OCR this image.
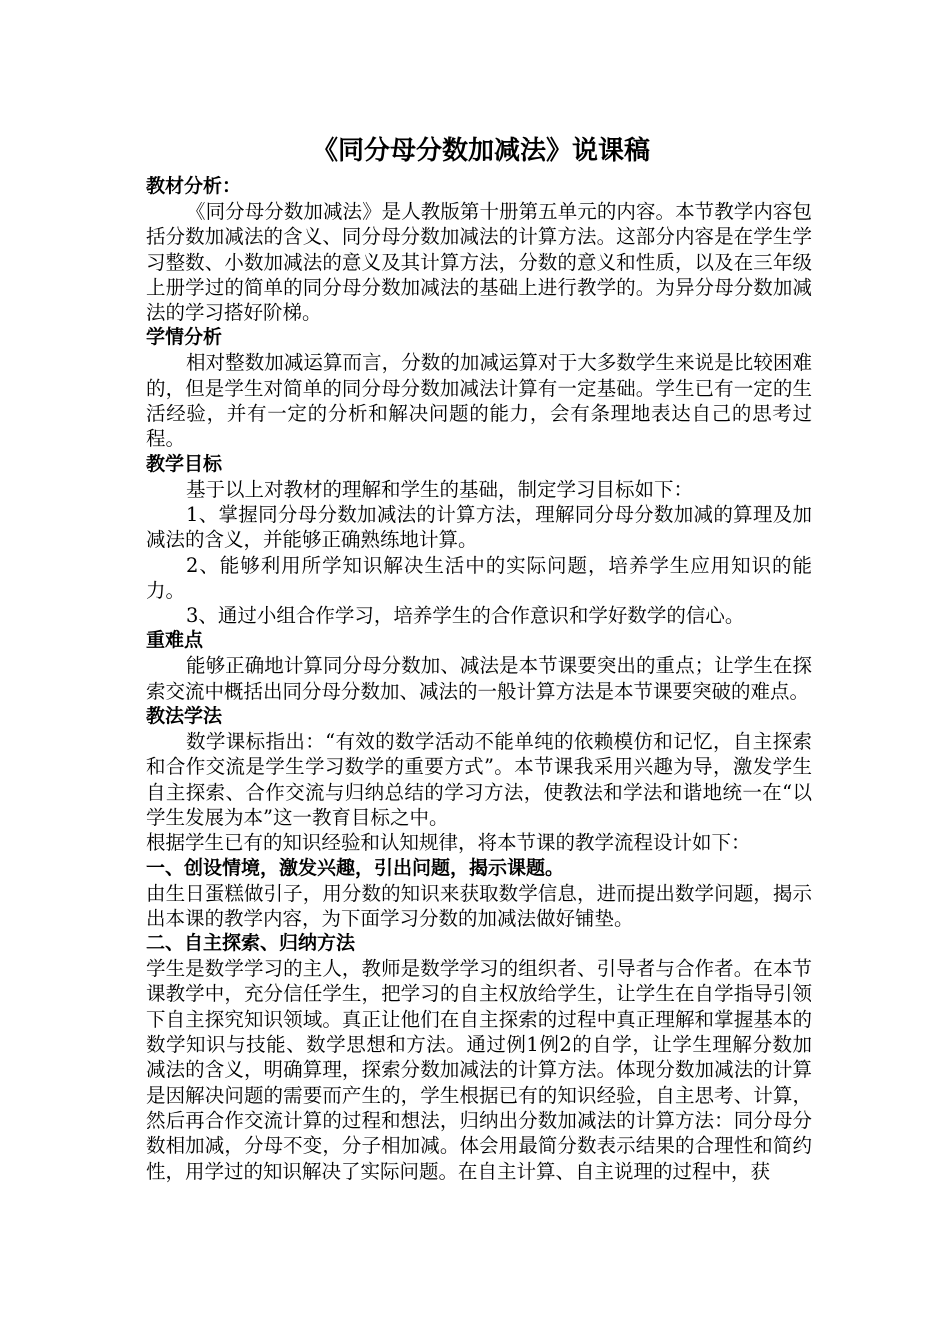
《同分母分数加减法》说课稿
教材分析：

《同分母分数加减法》是人教版第十册第五单元的内容。本节教学内容包括分数加减法的含义、同分母分数加减法的计算方法。这部分内容是在学生学习整数、小数加减法的意义及其计算方法，分数的意义和性质，以及在三年级上册学过的简单的同分母分数加减法的基础上进行教学的。为异分母分数加减法的学习搭好阶梯。

学情分析

相对整数加减运算而言，分数的加减运算对于大多数学生来说是比较困难的，但是学生对简单的同分母分数加减法计算有一定基础。学生已有一定的生活经验，并有一定的分析和解决问题的能力，会有条理地表达自己的思考过程。

教学目标

基于以上对教材的理解和学生的基础，制定学习目标如下：

1、掌握同分母分数加减法的计算方法，理解同分母分数加减的算理及加减法的含义，并能够正确熟练地计算。

2、能够利用所学知识解决生活中的实际问题，培养学生应用知识的能力。

3、通过小组合作学习，培养学生的合作意识和学好数学的信心。

重难点

能够正确地计算同分母分数加、减法是本节课要突出的重点；让学生在探索交流中概括出同分母分数加、减法的一般计算方法是本节课要突破的难点。

教法学法

数学课标指出：“有效的数学活动不能单纯的依赖模仿和记忆，自主探索和合作交流是学生学习数学的重要方式”。本节课我采用兴趣为导，激发学生自主探索、合作交流与归纳总结的学习方法，使教法和学法和谐地统一在“以学生发展为本”这一教育目标之中。

根据学生已有的知识经验和认知规律，将本节课的教学流程设计如下：

一、创设情境，激发兴趣，引出问题，揭示课题。

由生日蛋糕做引子，用分数的知识来获取数学信息，进而提出数学问题，揭示出本课的教学内容，为下面学习分数的加减法做好铺垫。

二、自主探索、归纳方法

学生是数学学习的主人，教师是数学学习的组织者、引导者与合作者。在本节课教学中，充分信任学生，把学习的自主权放给学生，让学生在自学指导引领下自主探究知识领域。真正让他们在自主探索的过程中真正理解和掌握基本的数学知识与技能、数学思想和方法。通过例1例2的自学，让学生理解分数加减法的含义，明确算理，探索分数加减法的计算方法。体现分数加减法的计算是因解决问题的需要而产生的，学生根据已有的知识经验，自主思考、计算，然后再合作交流计算的过程和想法，归纳出分数加减法的计算方法：同分母分数相加减，分母不变，分子相加减。体会用最简分数表示结果的合理性和简约性，用学过的知识解决了实际问题。在自主计算、自主说理的过程中，获
